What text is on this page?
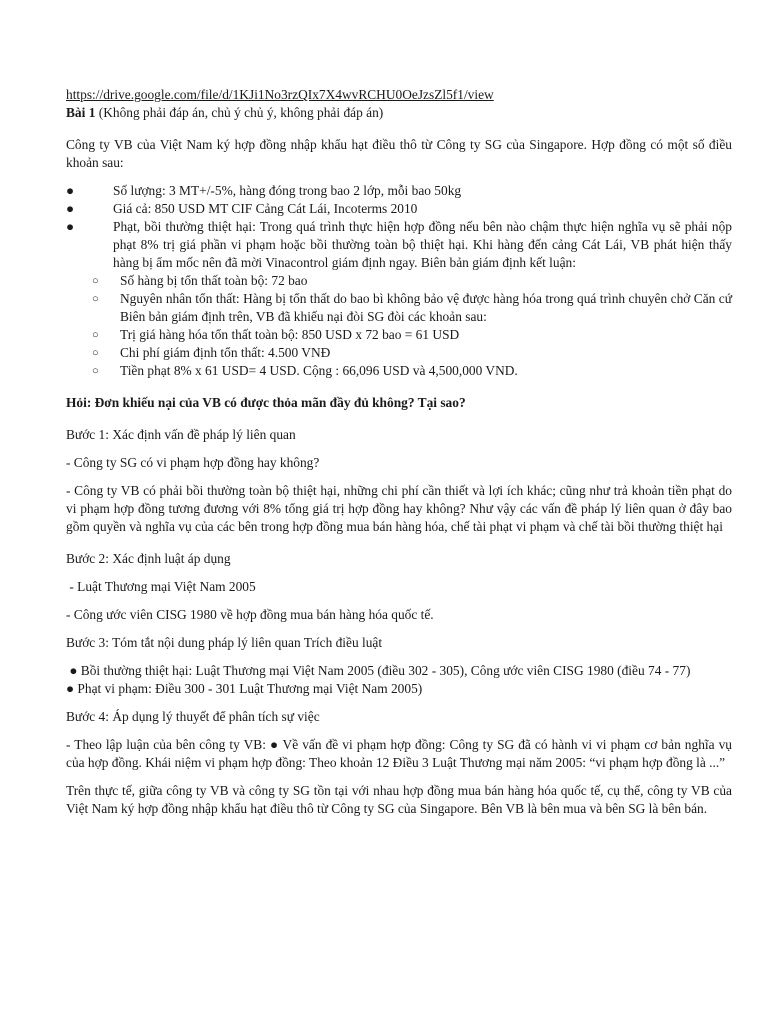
https://drive.google.com/file/d/1KJi1No3rzQIx7X4wvRCHU0OeJzsZl5f1/view

Bài 1 (Không phải đáp án, chủ ý chủ ý, không phải đáp án)

Công ty VB của Việt Nam ký hợp đồng nhập khẩu hạt điều thô từ Công ty SG của Singapore. Hợp đồng có một số điều khoản sau:

●	Số lượng: 3 MT+/-5%, hàng đóng trong bao 2 lớp, mỗi bao 50kg
●	Giá cả: 850 USD MT CIF Cảng Cát Lái, Incoterms 2010
●	Phạt, bồi thường thiệt hại: Trong quá trình thực hiện hợp đồng nếu bên nào chậm thực hiện nghĩa vụ sẽ phải nộp phạt 8% trị giá phần vi phạm hoặc bồi thường toàn bộ thiệt hại. Khi hàng đến cảng Cát Lái, VB phát hiện thấy hàng bị ẩm mốc nên đã mời Vinacontrol giám định ngay. Biên bản giám định kết luận:
○ Số hàng bị tổn thất toàn bộ: 72 bao
○ Nguyên nhân tổn thất: Hàng bị tổn thất do bao bì không bảo vệ được hàng hóa trong quá trình chuyên chở Căn cứ Biên bản giám định trên, VB đã khiếu nại đòi SG đòi các khoản sau:
○ Trị giá hàng hóa tổn thất toàn bộ: 850 USD x 72 bao = 61 USD
○ Chi phí giám định tổn thất: 4.500 VNĐ
○ Tiền phạt 8% x 61 USD= 4 USD. Cộng : 66,096 USD và 4,500,000 VND.

Hỏi: Đơn khiếu nại của VB có được thỏa mãn đầy đủ không? Tại sao?

Bước 1: Xác định vấn đề pháp lý liên quan

- Công ty SG có vi phạm hợp đồng hay không?

- Công ty VB có phải bồi thường toàn bộ thiệt hại, những chi phí cần thiết và lợi ích khác; cũng như trả khoản tiền phạt do vi phạm hợp đồng tương đương với 8% tổng giá trị hợp đồng hay không? Như vậy các vấn đề pháp lý liên quan ở đây bao gồm quyền và nghĩa vụ của các bên trong hợp đồng mua bán hàng hóa, chế tài phạt vi phạm và chế tài bồi thường thiệt hại

Bước 2: Xác định luật áp dụng

- Luật Thương mại Việt Nam 2005

- Công ước viên CISG 1980 về hợp đồng mua bán hàng hóa quốc tế.

Bước 3: Tóm tắt nội dung pháp lý liên quan Trích điều luật

● Bồi thường thiệt hại: Luật Thương mại Việt Nam 2005 (điều 302 - 305), Công ước viên CISG 1980 (điều 74 - 77)

● Phạt vi phạm: Điều 300 - 301 Luật Thương mại Việt Nam 2005)

Bước 4: Áp dụng lý thuyết để phân tích sự việc

- Theo lập luận của bên công ty VB: ● Về vấn đề vi phạm hợp đồng: Công ty SG đã có hành vi vi phạm cơ bản nghĩa vụ của hợp đồng. Khái niệm vi phạm hợp đồng: Theo khoản 12 Điều 3 Luật Thương mại năm 2005: “vi phạm hợp đồng là ...”

Trên thực tế, giữa công ty VB và công ty SG tồn tại với nhau hợp đồng mua bán hàng hóa quốc tế, cụ thể, công ty VB của Việt Nam ký hợp đồng nhập khẩu hạt điều thô từ Công ty SG của Singapore. Bên VB là bên mua và bên SG là bên bán.
